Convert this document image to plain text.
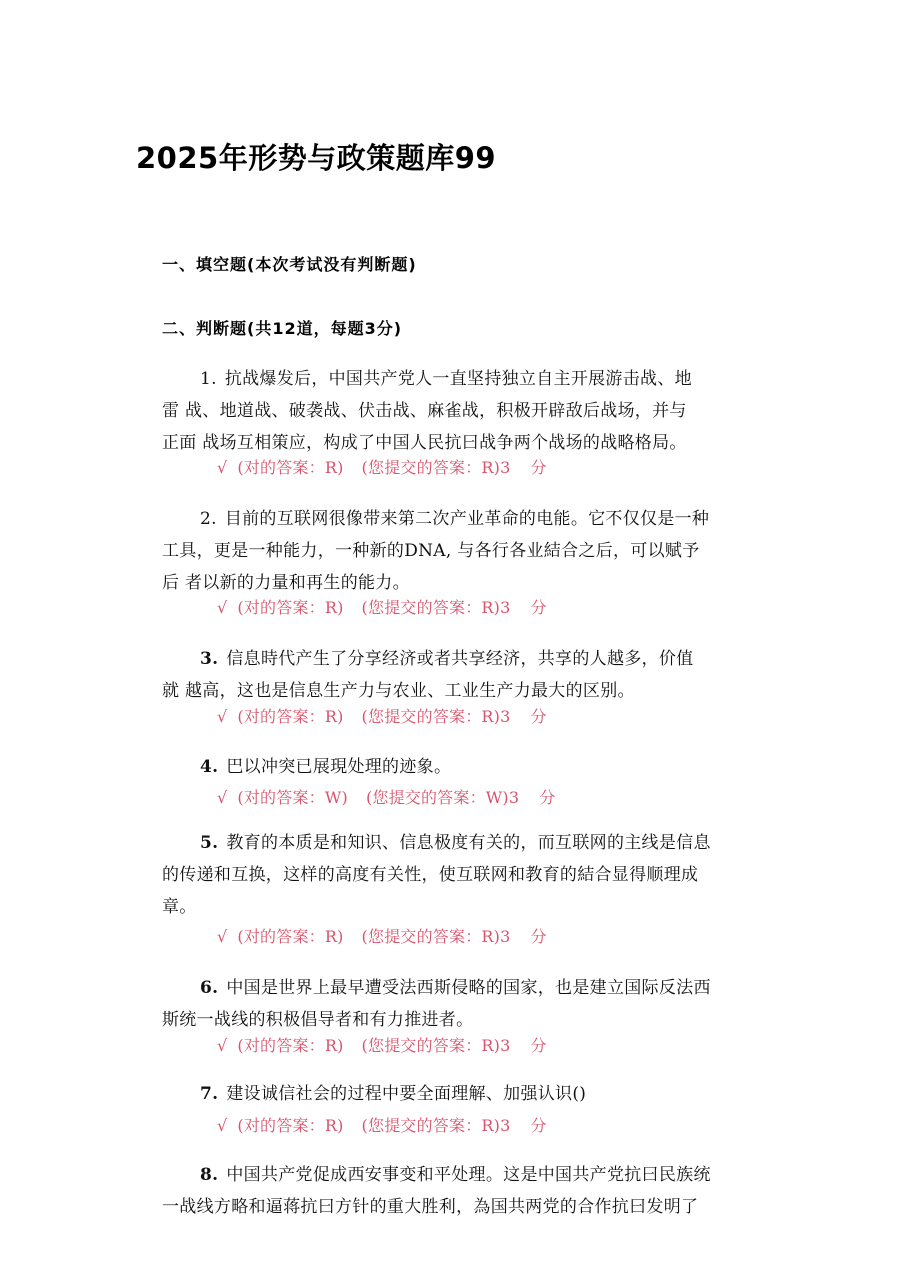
2025年形势与政策题库99
一、填空题(本次考试没有判断题)
二、判断题(共12道，每题3分)
1. 抗战爆发后，中国共产党人一直坚持独立自主开展游击战、地
雷 战、地道战、破袭战、伏击战、麻雀战，积极开辟敌后战场，并与
正面 战场互相策应，构成了中国人民抗曰战争两个战场的战略格局。
√ (对的答案：R) (您提交的答案：R)3 分
2. 目前的互联网很像带来第二次产业革命的电能。它不仅仅是一种
工具，更是一种能力，一种新的DNA, 与各行各业結合之后，可以赋予
后 者以新的力量和再生的能力。
√ (对的答案：R) (您提交的答案：R)3 分
3. 信息時代产生了分享经济或者共享经济，共享的人越多，价值
就 越高，这也是信息生产力与农业、工业生产力最大的区别。
√ (对的答案：R) (您提交的答案：R)3 分
4. 巴以冲突已展現处理的迹象。
√ (对的答案：W) (您提交的答案：W)3 分
5. 教育的本质是和知识、信息极度有关的，而互联网的主线是信息
的传递和互换，这样的高度有关性，使互联网和教育的結合显得顺理成
章。
√ (对的答案：R) (您提交的答案：R)3 分
6. 中国是世界上最早遭受法西斯侵略的国家，也是建立国际反法西
斯统一战线的积极倡导者和有力推进者。
√ (对的答案：R) (您提交的答案：R)3 分
7. 建设诚信社会的过程中要全面理解、加强认识()
√ (对的答案：R) (您提交的答案：R)3 分
8. 中国共产党促成西安事变和平处理。这是中国共产党抗曰民族统
一战线方略和逼蒋抗曰方针的重大胜利，為国共两党的合作抗曰发明了
